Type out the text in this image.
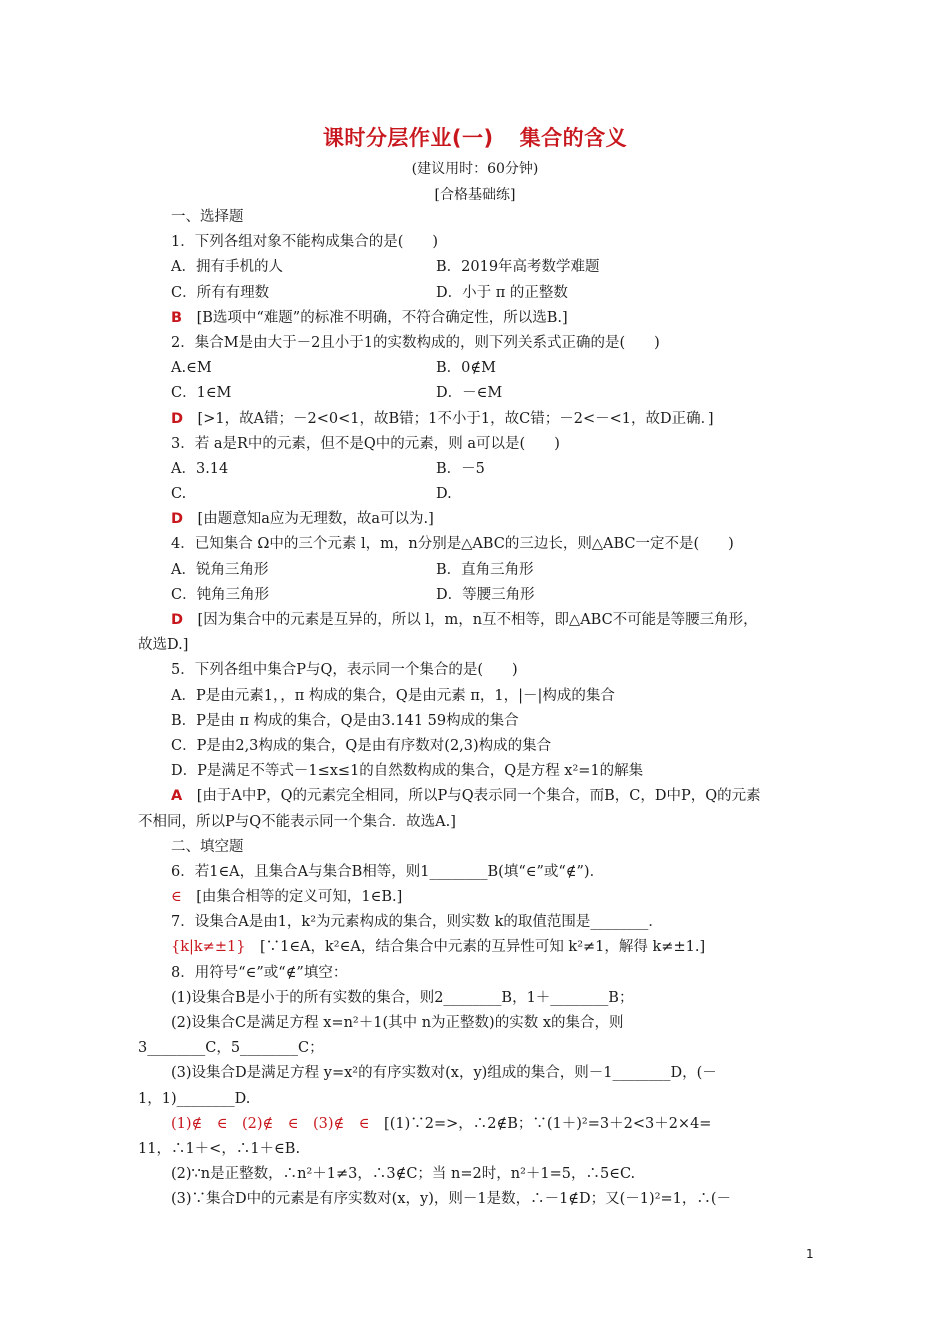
课时分层作业(一) 集合的含义
(建议用时：60分钟)
[合格基础练]
一、选择题
1．下列各组对象不能构成集合的是(　　)
A．拥有手机的人	B．2019年高考数学难题
C．所有有理数	D．小于 π 的正整数
B　 [B选项中“难题”的标准不明确，不符合确定性，所以选B.]
2．集合M是由大于－2且小于1的实数构成的，则下列关系式正确的是(　　)
A.∈M	B．0∉M
C．1∈M	D．－∈M
D　 [>1，故A错；－2<0<1，故B错；1不小于1，故C错；－2<－<1，故D正确．]
3．若 a是R中的元素，但不是Q中的元素，则 a可以是(　　)
A．3.14	B．－5
C.	D.
D　 [由题意知a应为无理数，故a可以为.]
4．已知集合 Ω中的三个元素 l，m，n分别是△ABC的三边长，则△ABC一定不是(　　)
A．锐角三角形	B．直角三角形
C．钝角三角形	D．等腰三角形
D　 [因为集合中的元素是互异的，所以 l，m，n互不相等，即△ABC不可能是等腰三角形，
故选D.]
5．下列各组中集合P与Q，表示同一个集合的是(　　)
A．P是由元素1，，π 构成的集合，Q是由元素 π，1，|－|构成的集合
B．P是由 π 构成的集合，Q是由3.141 59构成的集合
C．P是由2,3构成的集合，Q是由有序数对(2,3)构成的集合
D．P是满足不等式－1≤x≤1的自然数构成的集合，Q是方程 x²=1的解集
A　 [由于A中P，Q的元素完全相同，所以P与Q表示同一个集合，而B，C，D中P，Q的元素
不相同，所以P与Q不能表示同一个集合．故选A.]
二、填空题
6．若1∈A，且集合A与集合B相等，则1________B(填“∈”或“∉”)．
∈　 [由集合相等的定义可知，1∈B.]
7．设集合A是由1，k²为元素构成的集合，则实数 k的取值范围是________．
{k|k≠±1}　 [∵1∈A，k²∈A，结合集合中元素的互异性可知 k²≠1，解得 k≠±1.]
8．用符号“∈”或“∉”填空：
(1)设集合B是小于的所有实数的集合，则2________B，1＋________B；
(2)设集合C是满足方程 x=n²＋1(其中 n为正整数)的实数 x的集合，则
3________C，5________C；
(3)设集合D是满足方程 y=x²的有序实数对(x，y)组成的集合，则－1________D，(－
1，1)________D.
(1)∉　∈　(2)∉　∈　(3)∉　∈　 [(1)∵2=>，∴2∉B；∵(1＋)²=3＋2<3＋2×4=
11，∴1＋<，∴1＋∈B.
(2)∵n是正整数，∴n²＋1≠3，∴3∉C；当 n=2时，n²＋1=5，∴5∈C.
(3)∵集合D中的元素是有序实数对(x，y)，则－1是数，∴－1∉D；又(－1)²=1，∴(－
1
